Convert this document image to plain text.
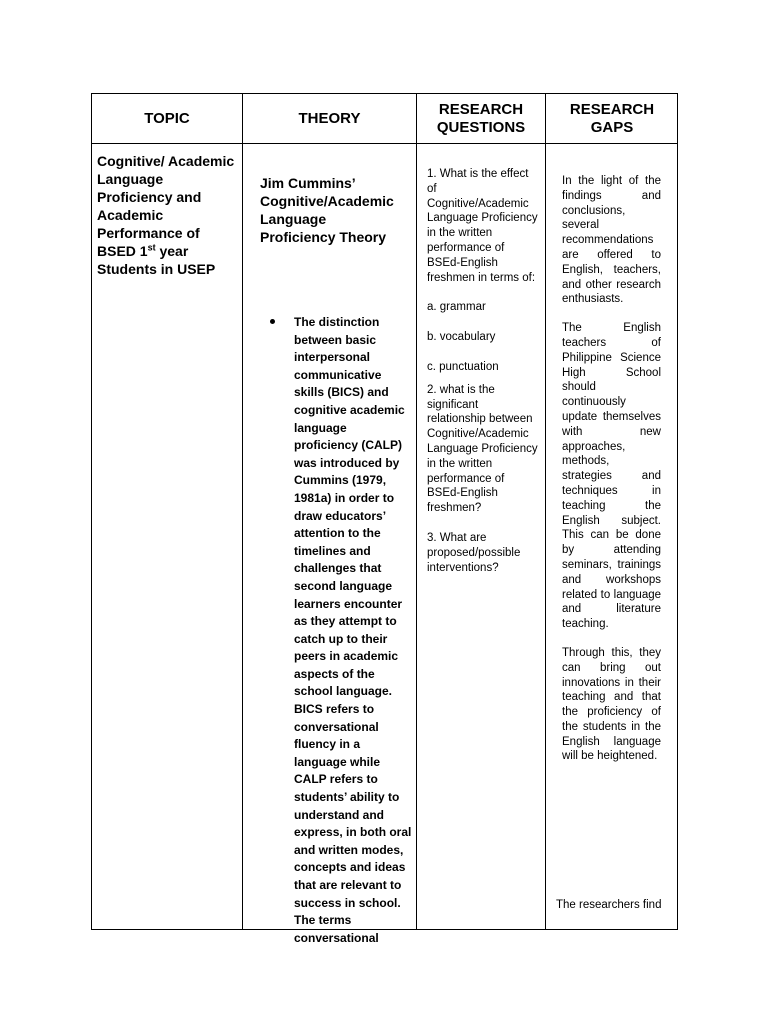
TOPIC	THEORY
RESEARCH QUESTIONS
RESEARCH GAPS
Cognitive/ Academic Language Proficiency and Academic Performance of BSED 1st year Students in USEP
Jim Cummins’ Cognitive/Academic Language Proficiency Theory
The distinction between basic interpersonal communicative skills (BICS) and cognitive academic language proficiency (CALP) was introduced by Cummins (1979, 1981a) in order to draw educators’ attention to the timelines and challenges that second language learners encounter as they attempt to catch up to their peers in academic aspects of the school language. BICS refers to conversational fluency in a language while CALP refers to students’ ability to understand and express, in both oral and written modes, concepts and ideas that are relevant to success in school. The terms conversational

1. What is the effect of Cognitive/Academic Language Proficiency in the written performance of BSEd-English freshmen in terms of:

a. grammar

b. vocabulary

c. punctuation

2. what is the significant relationship between Cognitive/Academic Language Proficiency in the written performance of BSEd-English freshmen?

3. What are proposed/possible interventions?

In the light of the findings and conclusions, several recommendations are offered to English, teachers, and other research enthusiasts.

The English teachers of Philippine Science High School should continuously update themselves with new approaches, methods, strategies and techniques in teaching the English subject. This can be done by attending seminars, trainings and workshops related to language and literature teaching.

Through this, they can bring out innovations in their teaching and that the proficiency of the students in the English language will be heightened.

The researchers find
